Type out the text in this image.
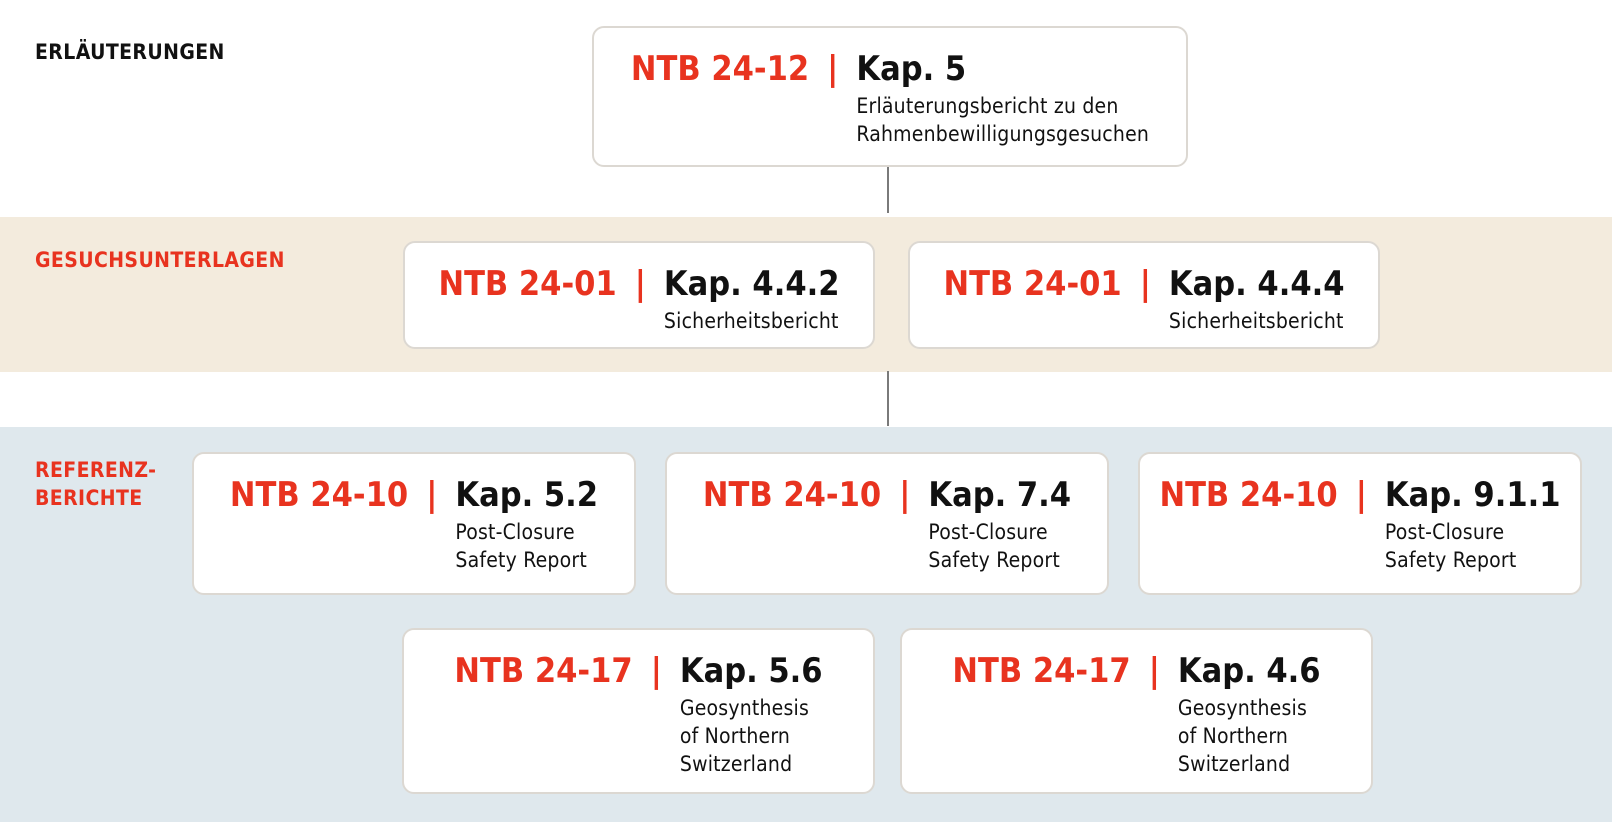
ERLÄUTERUNGEN
GESUCHSUNTERLAGEN
REFERENZ-
BERICHTE
NTB 24-12 | Kap. 5
Erläuterungsbericht zu den
Rahmenbewilligungsgesuchen
NTB 24-01 | Kap. 4.4.2
Sicherheitsbericht
NTB 24-01 | Kap. 4.4.4
Sicherheitsbericht
NTB 24-10 | Kap. 5.2
Post-Closure
Safety Report
NTB 24-10 | Kap. 7.4
Post-Closure
Safety Report
NTB 24-10 | Kap. 9.1.1
Post-Closure
Safety Report
NTB 24-17 | Kap. 5.6
Geosynthesis
of Northern
Switzerland
NTB 24-17 | Kap. 4.6
Geosynthesis
of Northern
Switzerland
